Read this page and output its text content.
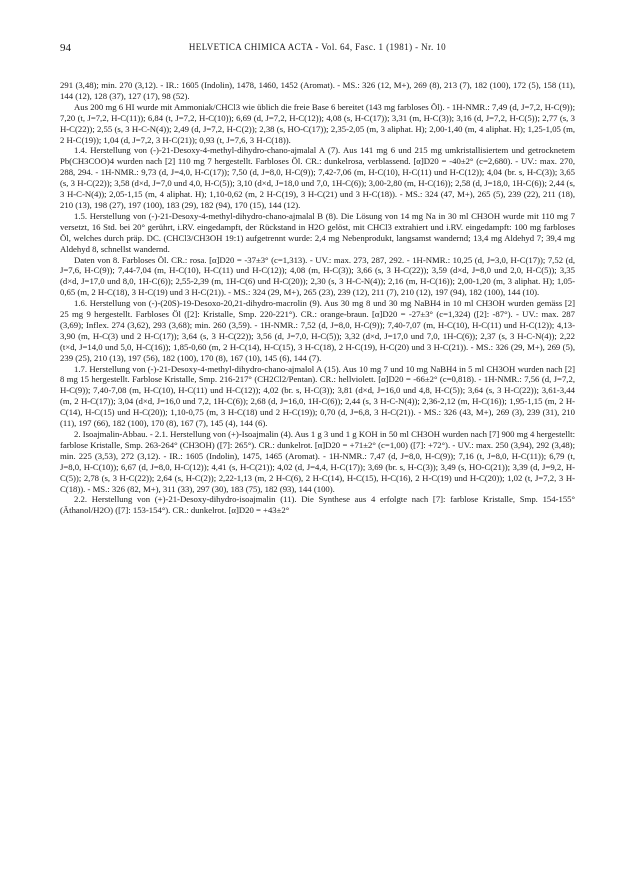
94	HELVETICA CHIMICA ACTA - Vol. 64, Fasc. 1 (1981) - Nr. 10

291 (3,48); min. 270 (3,12). - IR.: 1605 (Indolin), 1478, 1460, 1452 (Aromat). - MS.: 326 (12, M+), 269 (8), 213 (7), 182 (100), 172 (5), 158 (11), 144 (12), 128 (37), 127 (17), 98 (52).

Aus 200 mg 6 HI wurde mit Ammoniak/CHCl3 wie üblich die freie Base 6 bereitet (143 mg farbloses Öl). - 1H-NMR.: 7,49 (d, J=7,2, H-C(9)); 7,20 (t, J=7,2, H-C(11)); 6,84 (t, J=7,2, H-C(10)); 6,69 (d, J=7,2, H-C(12)); 4,08 (s, H-C(17)); 3,31 (m, H-C(3)); 3,16 (d, J=7,2, H-C(5)); 2,77 (s, 3 H-C(22)); 2,55 (s, 3 H-C-N(4)); 2,49 (d, J=7,2, H-C(2)); 2,38 (s, HO-C(17)); 2,35-2,05 (m, 3 aliphat. H); 2,00-1,40 (m, 4 aliphat. H); 1,25-1,05 (m, 2 H-C(19)); 1,04 (d, J=7,2, 3 H-C(21)); 0,93 (t, J=7,6, 3 H-C(18)).

1.4. Herstellung von (-)-21-Desoxy-4-methyl-dihydro-chano-ajmalal A (7). Aus 141 mg 6 und 215 mg umkristallisiertem und getrocknetem Pb(CH3COO)4 wurden nach [2] 110 mg 7 hergestellt. Farbloses Öl. CR.: dunkelrosa, verblassend. [α]D20 = -40±2° (c=2,680). - UV.: max. 270, 288, 294. - 1H-NMR.: 9,73 (d, J=4,0, H-C(17)); 7,50 (d, J=8,0, H-C(9)); 7,42-7,06 (m, H-C(10), H-C(11) und H-C(12)); 4,04 (br. s, H-C(3)); 3,65 (s, 3 H-C(22)); 3,58 (d×d, J=7,0 und 4,0, H-C(5)); 3,10 (d×d, J=18,0 und 7,0, 1H-C(6)); 3,00-2,80 (m, H-C(16)); 2,58 (d, J=18,0, 1H-C(6)); 2,44 (s, 3 H-C-N(4)); 2,05-1,15 (m, 4 aliphat. H); 1,10-0,62 (m, 2 H-C(19), 3 H-C(21) und 3 H-C(18)). - MS.: 324 (47, M+), 265 (5), 239 (22), 211 (18), 210 (13), 198 (27), 197 (100), 183 (29), 182 (94), 170 (15), 144 (12).

1.5. Herstellung von (-)-21-Desoxy-4-methyl-dihydro-chano-ajmalal B (8). Die Lösung von 14 mg Na in 30 ml CH3OH wurde mit 110 mg 7 versetzt, 16 Std. bei 20° gerührt, i.RV. eingedampft, der Rückstand in H2O gelöst, mit CHCl3 extrahiert und i.RV. eingedampft: 100 mg farbloses Öl, welches durch präp. DC. (CHCl3/CH3OH 19:1) aufgetrennt wurde: 2,4 mg Nebenprodukt, langsamst wandernd; 13,4 mg Aldehyd 7; 39,4 mg Aldehyd 8, schnellst wandernd.

Daten von 8. Farbloses Öl. CR.: rosa. [α]D20 = -37±3° (c=1,313). - UV.: max. 273, 287, 292. - 1H-NMR.: 10,25 (d, J=3,0, H-C(17)); 7,52 (d, J=7,6, H-C(9)); 7,44-7,04 (m, H-C(10), H-C(11) und H-C(12)); 4,08 (m, H-C(3)); 3,66 (s, 3 H-C(22)); 3,59 (d×d, J=8,0 und 2,0, H-C(5)); 3,35 (d×d, J=17,0 und 8,0, 1H-C(6)); 2,55-2,39 (m, 1H-C(6) und H-C(20)); 2,30 (s, 3 H-C-N(4)); 2,16 (m, H-C(16)); 2,00-1,20 (m, 3 aliphat. H); 1,05-0,65 (m, 2 H-C(18), 3 H-C(19) und 3 H-C(21)). - MS.: 324 (29, M+), 265 (23), 239 (12), 211 (7), 210 (12), 197 (94), 182 (100), 144 (10).

1.6. Herstellung von (-)-(20S)-19-Desoxo-20,21-dihydro-macrolin (9). Aus 30 mg 8 und 30 mg NaBH4 in 10 ml CH3OH wurden gemäss [2] 25 mg 9 hergestellt. Farbloses Öl ([2]: Kristalle, Smp. 220-221°). CR.: orange-braun. [α]D20 = -27±3° (c=1,324) ([2]: -87°). - UV.: max. 287 (3,69); Inflex. 274 (3,62), 293 (3,68); min. 260 (3,59). - 1H-NMR.: 7,52 (d, J=8,0, H-C(9)); 7,40-7,07 (m, H-C(10), H-C(11) und H-C(12)); 4,13-3,90 (m, H-C(3) und 2 H-C(17)); 3,64 (s, 3 H-C(22)); 3,56 (d, J=7,0, H-C(5)); 3,32 (d×d, J=17,0 und 7,0, 1H-C(6)); 2,37 (s, 3 H-C-N(4)); 2,22 (t×d, J=14,0 und 5,0, H-C(16)); 1,85-0,60 (m, 2 H-C(14), H-C(15), 3 H-C(18), 2 H-C(19), H-C(20) und 3 H-C(21)). - MS.: 326 (29, M+), 269 (5), 239 (25), 210 (13), 197 (56), 182 (100), 170 (8), 167 (10), 145 (6), 144 (7).

1.7. Herstellung von (-)-21-Desoxy-4-methyl-dihydro-chano-ajmalol A (15). Aus 10 mg 7 und 10 mg NaBH4 in 5 ml CH3OH wurden nach [2] 8 mg 15 hergestellt. Farblose Kristalle, Smp. 216-217° (CH2Cl2/Pentan). CR.: hellviolett. [α]D20 = -66±2° (c=0,818). - 1H-NMR.: 7,56 (d, J=7,2, H-C(9)); 7,40-7,08 (m, H-C(10), H-C(11) und H-C(12)); 4,02 (br. s, H-C(3)); 3,81 (d×d, J=16,0 und 4,8, H-C(5)); 3,64 (s, 3 H-C(22)); 3,61-3,44 (m, 2 H-C(17)); 3,04 (d×d, J=16,0 und 7,2, 1H-C(6)); 2,68 (d, J=16,0, 1H-C(6)); 2,44 (s, 3 H-C-N(4)); 2,36-2,12 (m, H-C(16)); 1,95-1,15 (m, 2 H-C(14), H-C(15) und H-C(20)); 1,10-0,75 (m, 3 H-C(18) und 2 H-C(19)); 0,70 (d, J=6,8, 3 H-C(21)). - MS.: 326 (43, M+), 269 (3), 239 (31), 210 (11), 197 (66), 182 (100), 170 (8), 167 (7), 145 (4), 144 (6).

2. Isoajmalin-Abbau. - 2.1. Herstellung von (+)-Isoajmalin (4). Aus 1 g 3 und 1 g KOH in 50 ml CH3OH wurden nach [7] 900 mg 4 hergestellt: farblose Kristalle, Smp. 263-264° (CH3OH) ([7]: 265°). CR.: dunkelrot. [α]D20 = +71±2° (c=1,00) ([7]: +72°). - UV.: max. 250 (3,94), 292 (3,48); min. 225 (3,53), 272 (3,12). - IR.: 1605 (Indolin), 1475, 1465 (Aromat). - 1H-NMR.: 7,47 (d, J=8,0, H-C(9)); 7,16 (t, J=8,0, H-C(11)); 6,79 (t, J=8,0, H-C(10)); 6,67 (d, J=8,0, H-C(12)); 4,41 (s, H-C(21)); 4,02 (d, J=4,4, H-C(17)); 3,69 (br. s, H-C(3)); 3,49 (s, HO-C(21)); 3,39 (d, J=9,2, H-C(5)); 2,78 (s, 3 H-C(22)); 2,64 (s, H-C(2)); 2,22-1,13 (m, 2 H-C(6), 2 H-C(14), H-C(15), H-C(16), 2 H-C(19) und H-C(20)); 1,02 (t, J=7,2, 3 H-C(18)). - MS.: 326 (82, M+), 311 (33), 297 (30), 183 (75), 182 (93), 144 (100).

2.2. Herstellung von (+)-21-Desoxy-dihydro-isoajmalin (11). Die Synthese aus 4 erfolgte nach [7]: farblose Kristalle, Smp. 154-155° (Äthanol/H2O) ([7]: 153-154°). CR.: dunkelrot. [α]D20 = +43±2°
